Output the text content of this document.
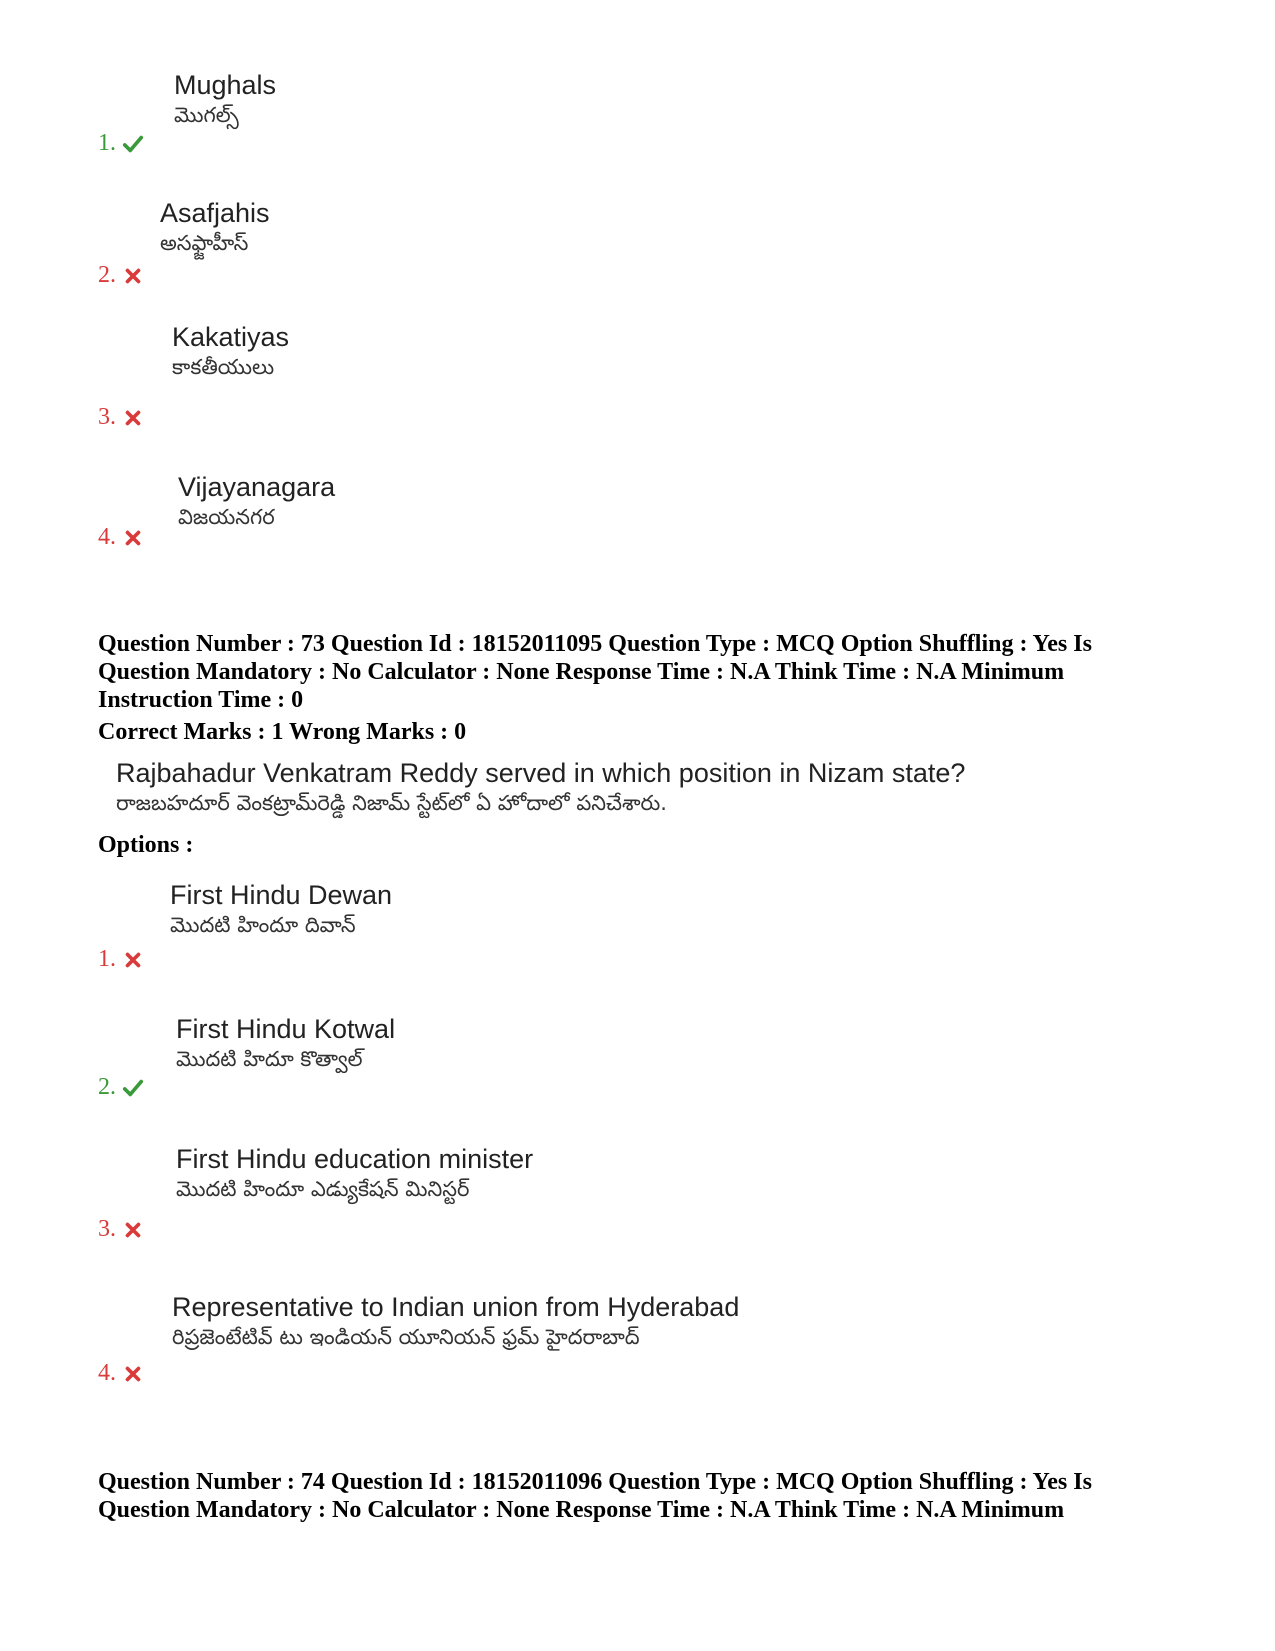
Mughals
మొగల్స్
1.
Asafjahis
అసఫ్జాహీస్
2.
Kakatiyas
కాకతీయులు
3.
Vijayanagara
విజయనగర
4.
Question Number : 73 Question Id : 18152011095 Question Type : MCQ Option Shuffling : Yes Is
Question Mandatory : No Calculator : None Response Time : N.A Think Time : N.A Minimum
Instruction Time : 0
Correct Marks : 1 Wrong Marks : 0
Rajbahadur Venkatram Reddy served in which position in Nizam state?
రాజబహదూర్ వెంకట్రామ్‌రెడ్డి నిజామ్ స్టేట్‌లో ఏ హోదాలో పనిచేశారు.
Options :
First Hindu Dewan
మొదటి హిందూ దివాన్
1.
First Hindu Kotwal
మొదటి హిదూ కొత్వాల్
2.
First Hindu education minister
మొదటి హిందూ ఎడ్యుకేషన్ మినిస్టర్
3.
Representative to Indian union from Hyderabad
రిప్రజెంటేటివ్ టు ఇండియన్ యూనియన్ ఫ్రమ్ హైదరాబాద్
4.
Question Number : 74 Question Id : 18152011096 Question Type : MCQ Option Shuffling : Yes Is
Question Mandatory : No Calculator : None Response Time : N.A Think Time : N.A Minimum
